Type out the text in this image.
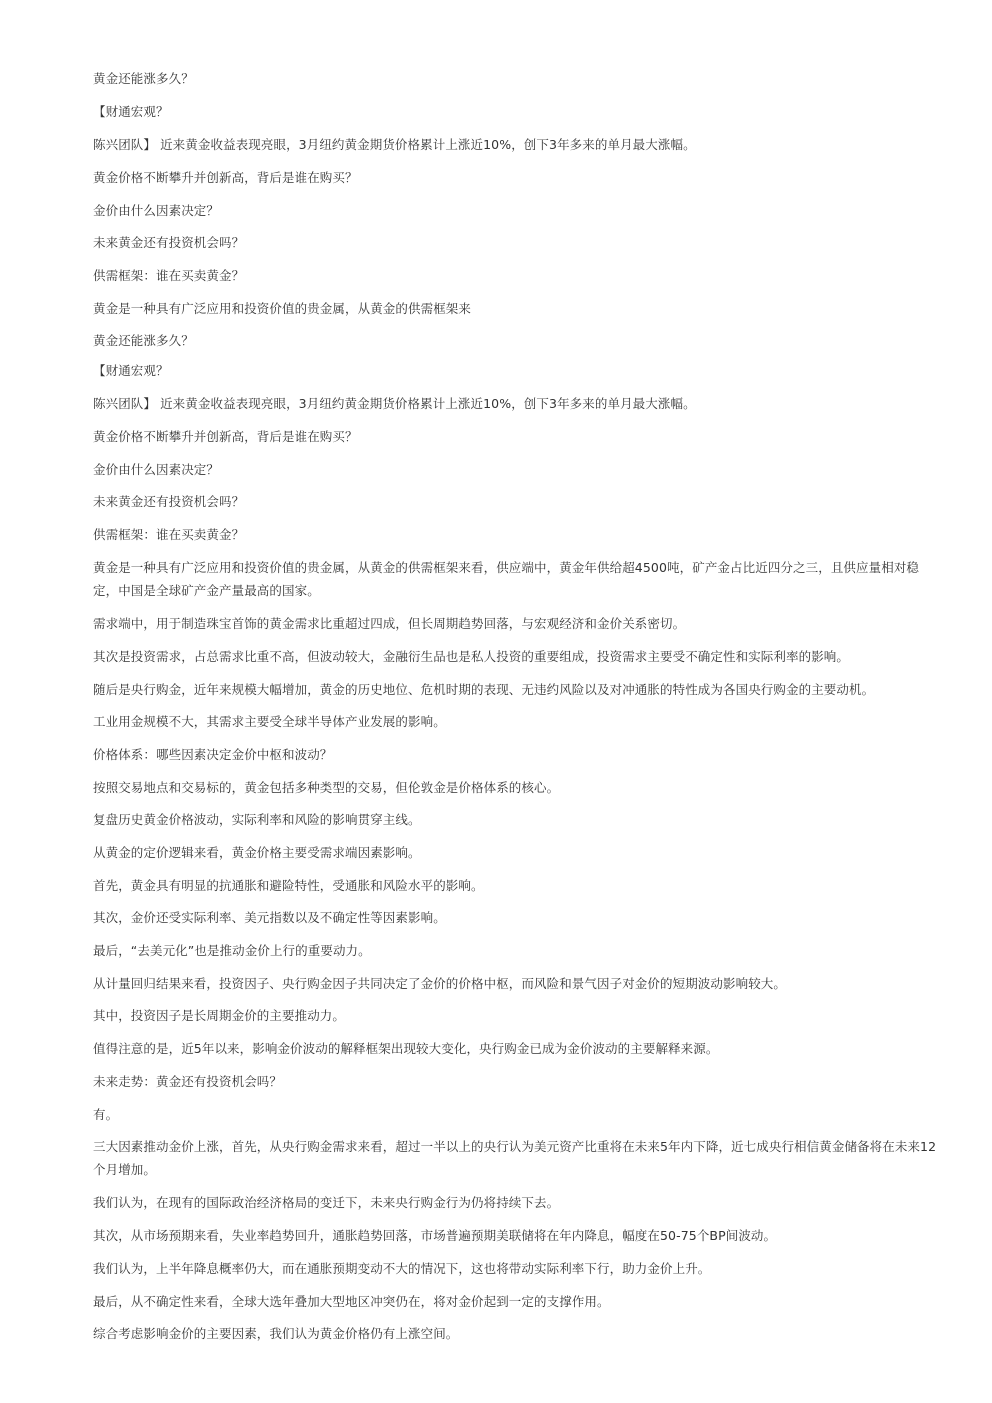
黄金还能涨多久？
【财通宏观？
陈兴团队】 近来黄金收益表现亮眼，3月纽约黄金期货价格累计上涨近10%，创下3年多来的单月最大涨幅。
黄金价格不断攀升并创新高，背后是谁在购买？
金价由什么因素决定？
未来黄金还有投资机会吗？
供需框架：谁在买卖黄金？
黄金是一种具有广泛应用和投资价值的贵金属，从黄金的供需框架来
黄金还能涨多久？
【财通宏观？
陈兴团队】 近来黄金收益表现亮眼，3月纽约黄金期货价格累计上涨近10%，创下3年多来的单月最大涨幅。
黄金价格不断攀升并创新高，背后是谁在购买？
金价由什么因素决定？
未来黄金还有投资机会吗？
供需框架：谁在买卖黄金？
黄金是一种具有广泛应用和投资价值的贵金属，从黄金的供需框架来看，供应端中，黄金年供给超4500吨，矿产金占比近四分之三，且供应量相对稳定，中国是全球矿产金产量最高的国家。
需求端中，用于制造珠宝首饰的黄金需求比重超过四成，但长周期趋势回落，与宏观经济和金价关系密切。
其次是投资需求，占总需求比重不高，但波动较大，金融衍生品也是私人投资的重要组成，投资需求主要受不确定性和实际利率的影响。
随后是央行购金，近年来规模大幅增加，黄金的历史地位、危机时期的表现、无违约风险以及对冲通胀的特性成为各国央行购金的主要动机。
工业用金规模不大，其需求主要受全球半导体产业发展的影响。
价格体系：哪些因素决定金价中枢和波动？
按照交易地点和交易标的，黄金包括多种类型的交易，但伦敦金是价格体系的核心。
复盘历史黄金价格波动，实际利率和风险的影响贯穿主线。
从黄金的定价逻辑来看，黄金价格主要受需求端因素影响。
首先，黄金具有明显的抗通胀和避险特性，受通胀和风险水平的影响。
其次，金价还受实际利率、美元指数以及不确定性等因素影响。
最后，“去美元化”也是推动金价上行的重要动力。
从计量回归结果来看，投资因子、央行购金因子共同决定了金价的价格中枢，而风险和景气因子对金价的短期波动影响较大。
其中，投资因子是长周期金价的主要推动力。
值得注意的是，近5年以来，影响金价波动的解释框架出现较大变化，央行购金已成为金价波动的主要解释来源。
未来走势：黄金还有投资机会吗？
有。
三大因素推动金价上涨，首先，从央行购金需求来看，超过一半以上的央行认为美元资产比重将在未来5年内下降，近七成央行相信黄金储备将在未来12个月增加。
我们认为，在现有的国际政治经济格局的变迁下，未来央行购金行为仍将持续下去。
其次，从市场预期来看，失业率趋势回升，通胀趋势回落，市场普遍预期美联储将在年内降息，幅度在50-75个BP间波动。
我们认为，上半年降息概率仍大，而在通胀预期变动不大的情况下，这也将带动实际利率下行，助力金价上升。
最后，从不确定性来看，全球大选年叠加大型地区冲突仍在，将对金价起到一定的支撑作用。
综合考虑影响金价的主要因素，我们认为黄金价格仍有上涨空间。
